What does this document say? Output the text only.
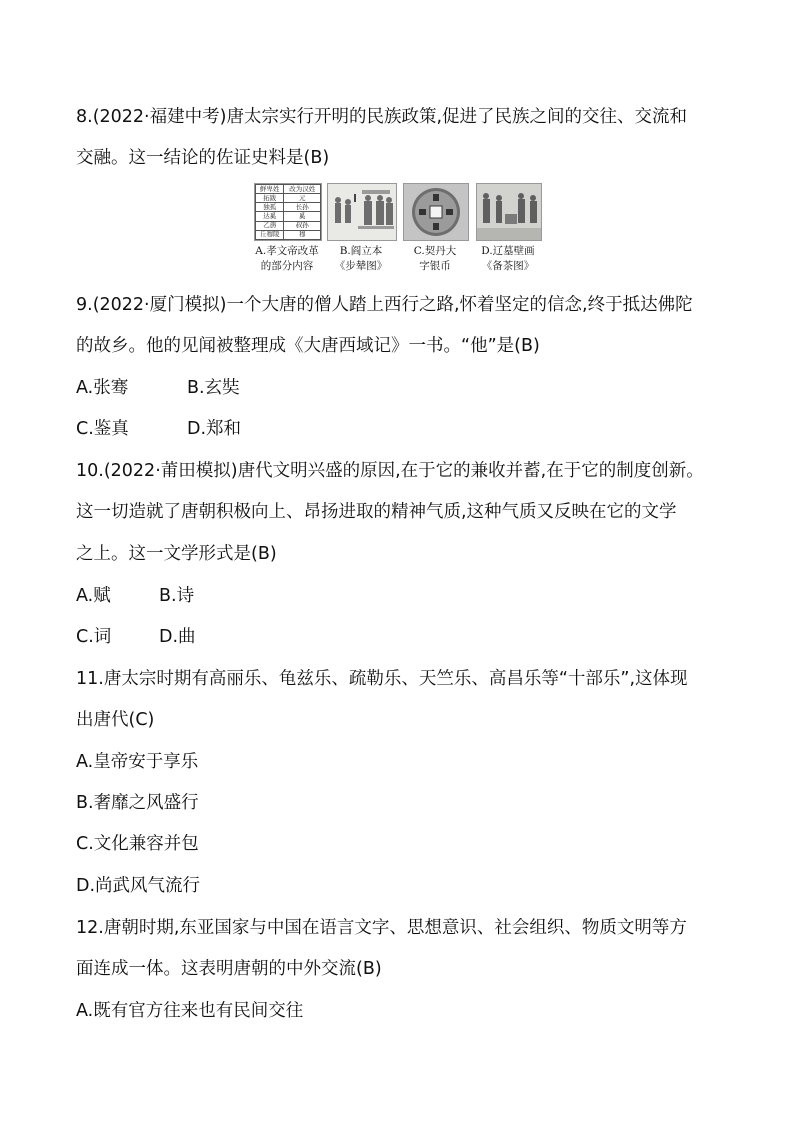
8.(2022·福建中考)唐太宗实行开明的民族政策,促进了民族之间的交往、交流和
交融。这一结论的佐证史料是(B)
鲜卑姓	改为汉姓
拓跋	元
独孤	长孙
达奚	奚
乙旃	叔孙
丘穆陵	穆
A.孝文帝改革
的部分内容
B.阎立本
《步辇图》
C.契丹大
字银币
D.辽墓壁画
《备茶图》
9.(2022·厦门模拟)一个大唐的僧人踏上西行之路,怀着坚定的信念,终于抵达佛陀
的故乡。他的见闻被整理成《大唐西域记》一书。“他”是(B)
A.张骞	B.玄奘
C.鉴真	D.郑和
10.(2022·莆田模拟)唐代文明兴盛的原因,在于它的兼收并蓄,在于它的制度创新。
这一切造就了唐朝积极向上、昂扬进取的精神气质,这种气质又反映在它的文学
之上。这一文学形式是(B)
A.赋	B.诗
C.词	D.曲
11.唐太宗时期有高丽乐、龟兹乐、疏勒乐、天竺乐、高昌乐等“十部乐”,这体现
出唐代(C)
A.皇帝安于享乐
B.奢靡之风盛行
C.文化兼容并包
D.尚武风气流行
12.唐朝时期,东亚国家与中国在语言文字、思想意识、社会组织、物质文明等方
面连成一体。这表明唐朝的中外交流(B)
A.既有官方往来也有民间交往
